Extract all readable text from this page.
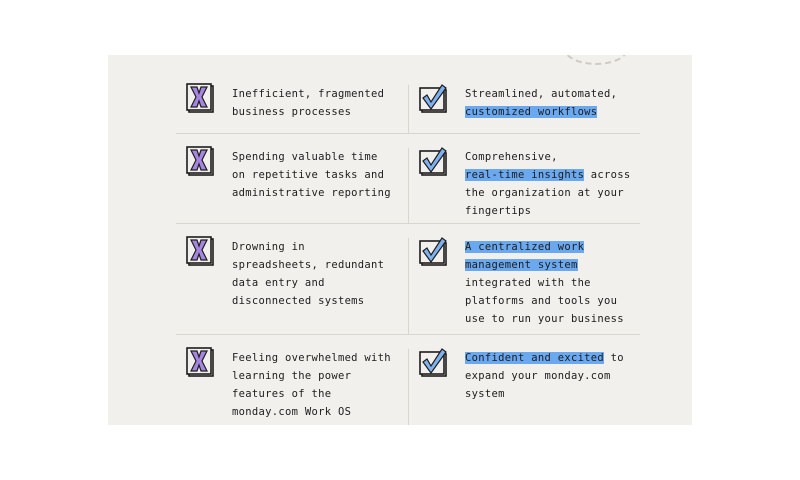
Inefficient, fragmented
business processes
Streamlined, automated,
customized workflows
Spending valuable time
on repetitive tasks and
administrative reporting
Comprehensive,
real-time insights across
the organization at your
fingertips
Drowning in
spreadsheets, redundant
data entry and
disconnected systems
A centralized work
management system
integrated with the
platforms and tools you
use to run your business
Feeling overwhelmed with
learning the power
features of the
monday.com Work OS
Confident and excited to
expand your monday.com
system
